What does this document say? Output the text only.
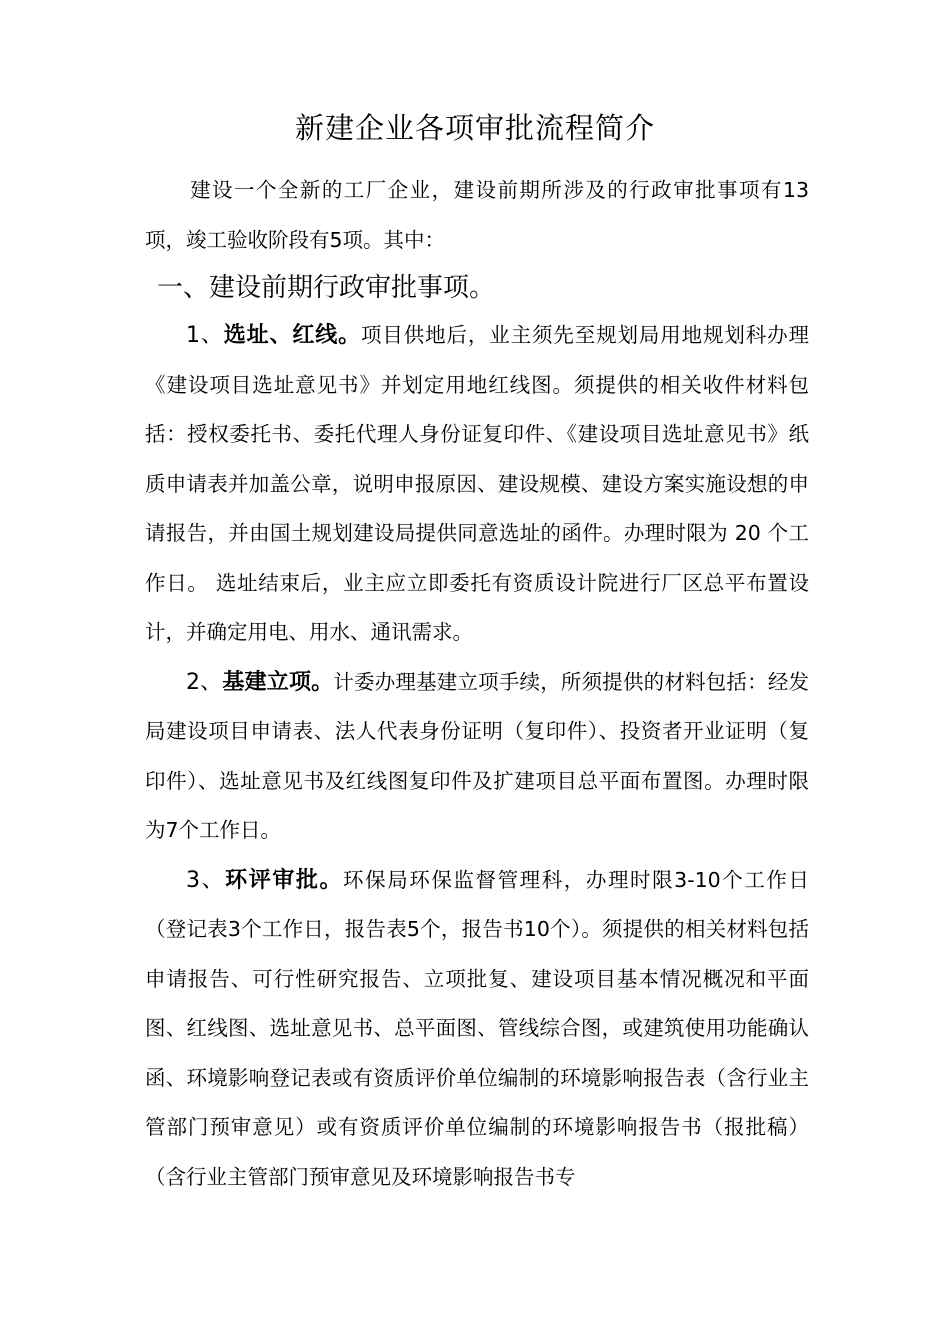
新建企业各项审批流程简介

建设一个全新的工厂企业，建设前期所涉及的行政审批事项有13项，竣工验收阶段有5项。其中：

一、建设前期行政审批事项。

1、选址、红线。项目供地后，业主须先至规划局用地规划科办理《建设项目选址意见书》并划定用地红线图。须提供的相关收件材料包括：授权委托书、委托代理人身份证复印件、《建设项目选址意见书》纸质申请表并加盖公章，说明申报原因、建设规模、建设方案实施设想的申请报告，并由国土规划建设局提供同意选址的函件。办理时限为 20 个工作日。 选址结束后，业主应立即委托有资质设计院进行厂区总平布置设计，并确定用电、用水、通讯需求。

2、基建立项。计委办理基建立项手续，所须提供的材料包括：经发局建设项目申请表、法人代表身份证明（复印件）、投资者开业证明（复印件）、选址意见书及红线图复印件及扩建项目总平面布置图。办理时限为7个工作日。

3、环评审批。环保局环保监督管理科，办理时限3-10个工作日（登记表3个工作日，报告表5个，报告书10个）。须提供的相关材料包括申请报告、可行性研究报告、立项批复、建设项目基本情况概况和平面图、红线图、选址意见书、总平面图、管线综合图，或建筑使用功能确认函、环境影响登记表或有资质评价单位编制的环境影响报告表（含行业主管部门预审意见）或有资质评价单位编制的环境影响报告书（报批稿）（含行业主管部门预审意见及环境影响报告书专
